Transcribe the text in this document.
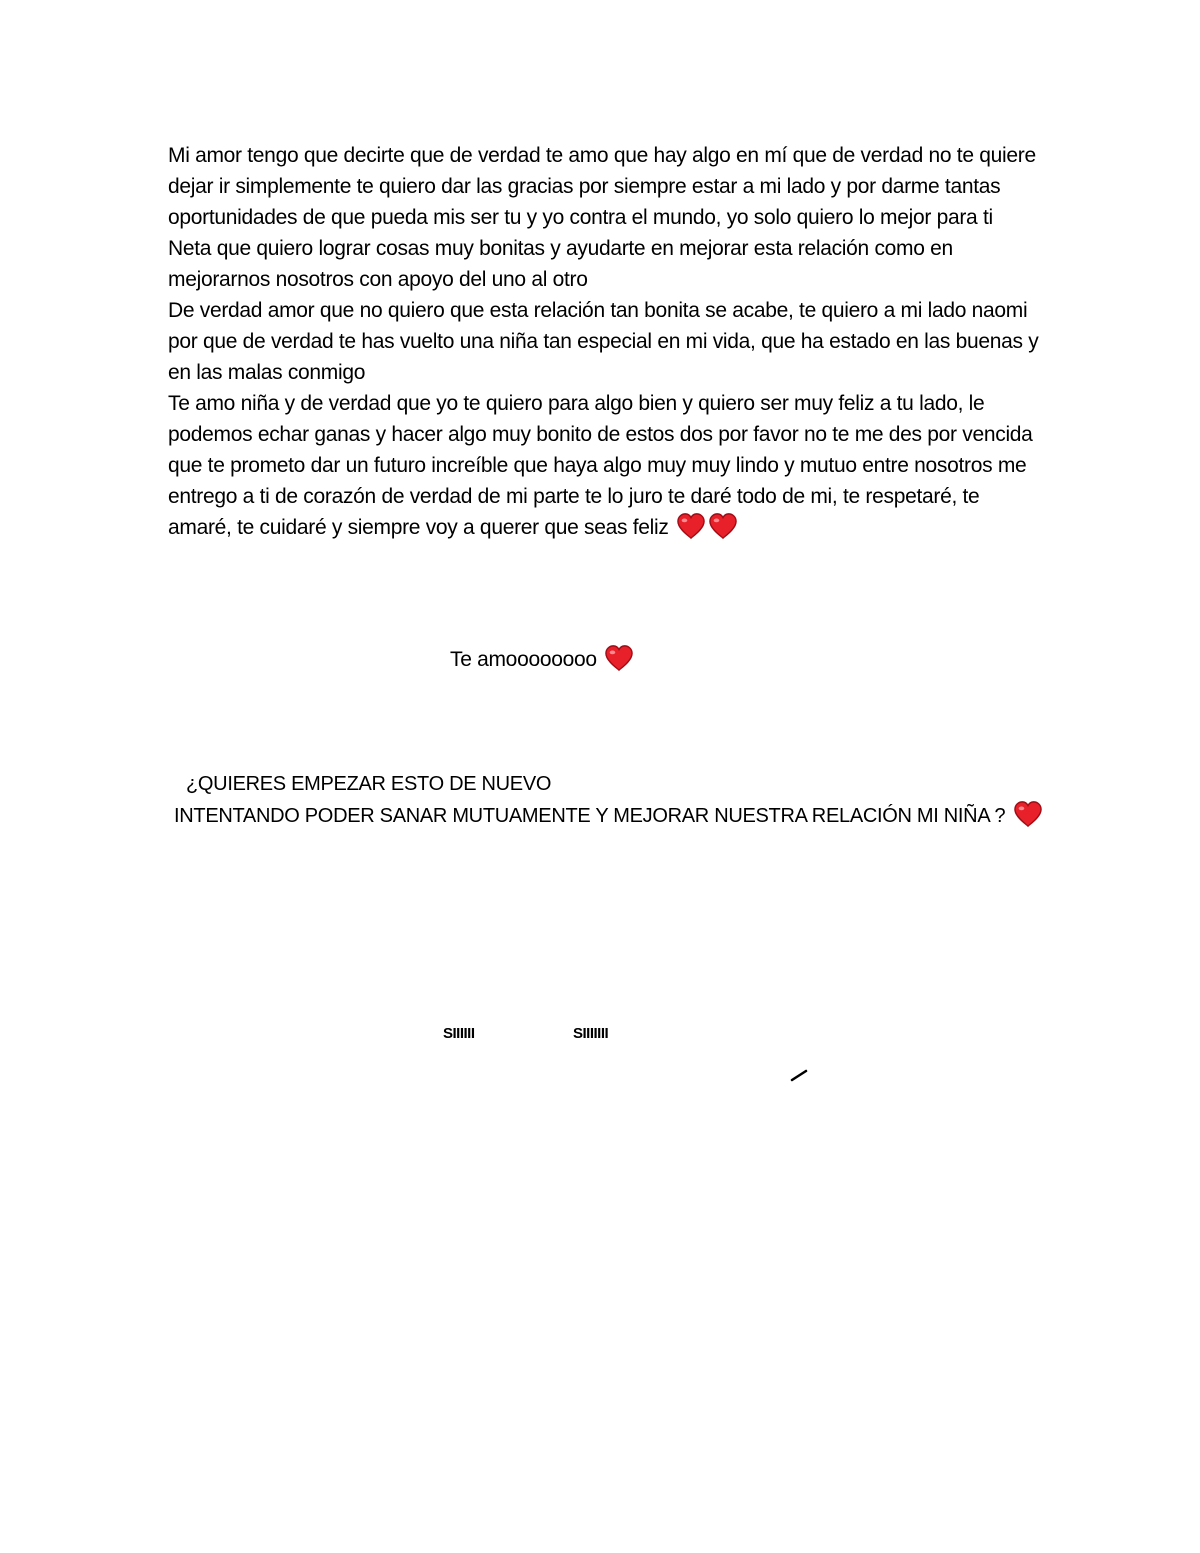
Mi amor tengo que decirte que de verdad te amo que hay algo en mí que de verdad no te quiere dejar ir simplemente te quiero dar las gracias por siempre estar a mi lado y por darme tantas oportunidades de que pueda mis ser tu y yo contra el mundo, yo solo quiero lo mejor para ti

Neta que quiero lograr cosas muy bonitas y ayudarte en mejorar esta relación como en mejorarnos nosotros con apoyo del uno al otro

De verdad amor que no quiero que esta relación tan bonita se acabe, te quiero a mi lado naomi por que de verdad te has vuelto una niña tan especial en mi vida, que ha estado en las buenas y en las malas conmigo

Te amo niña y de verdad que yo te quiero para algo bien y quiero ser muy feliz a tu lado, le podemos echar ganas y hacer algo muy bonito de estos dos por favor no te me des por vencida que te prometo dar un futuro increíble que haya algo muy muy lindo y mutuo entre nosotros me entrego a ti de corazón de verdad de mi parte te lo juro te daré todo de mi, te respetaré, te amaré, te cuidaré y siempre voy a querer que seas feliz

Te amoooooooo
¿QUIERES EMPEZAR ESTO DE NUEVO
INTENTANDO PODER SANAR MUTUAMENTE Y MEJORAR NUESTRA RELACIÓN MI NIÑA ?
SIIIIII	SIIIIIII
